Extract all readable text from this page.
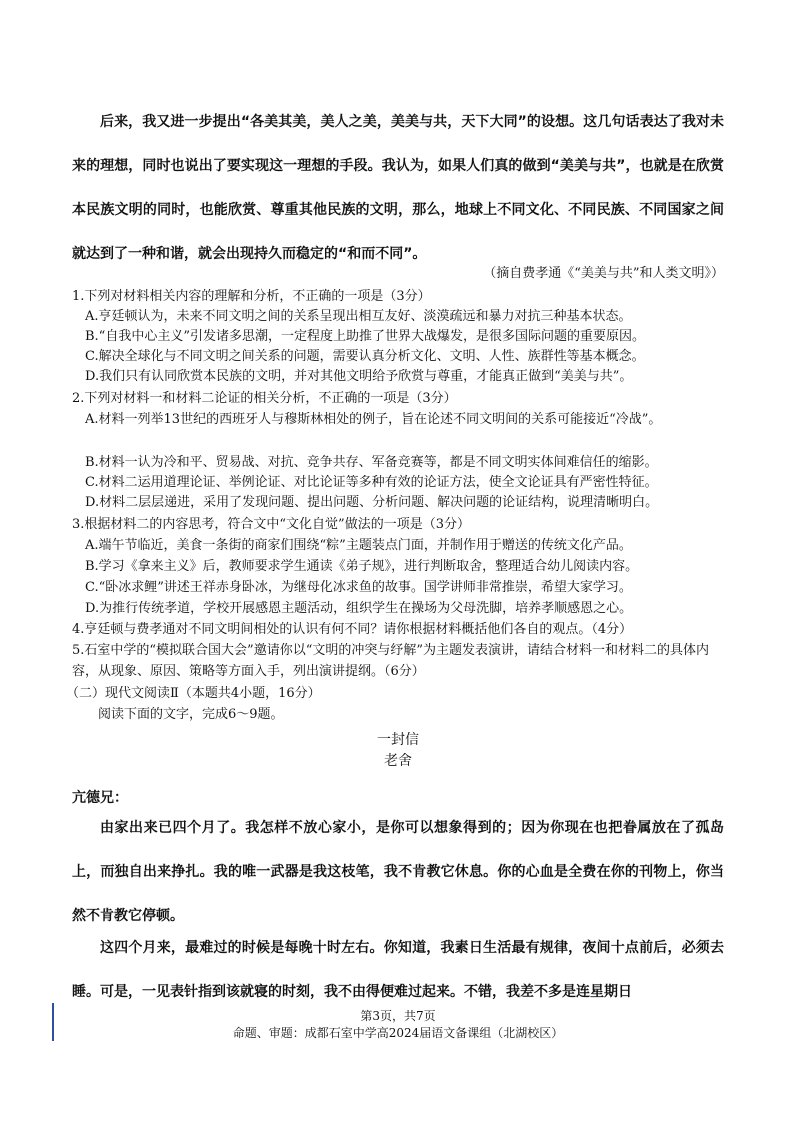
后来，我又进一步提出“各美其美，美人之美，美美与共，天下大同”的设想。这几句话表达了我对未来的理想，同时也说出了要实现这一理想的手段。我认为，如果人们真的做到“美美与共”，也就是在欣赏本民族文明的同时，也能欣赏、尊重其他民族的文明，那么，地球上不同文化、不同民族、不同国家之间就达到了一种和谐，就会出现持久而稳定的“和而不同”。
（摘自费孝通《“美美与共”和人类文明》）
1.下列对材料相关内容的理解和分析，不正确的一项是（3分）
A.亨廷顿认为，未来不同文明之间的关系呈现出相互友好、淡漠疏远和暴力对抗三种基本状态。
B.“自我中心主义”引发诸多思潮，一定程度上助推了世界大战爆发，是很多国际问题的重要原因。
C.解决全球化与不同文明之间关系的问题，需要认真分析文化、文明、人性、族群性等基本概念。
D.我们只有认同欣赏本民族的文明，并对其他文明给予欣赏与尊重，才能真正做到“美美与共”。
2.下列对材料一和材料二论证的相关分析，不正确的一项是（3分）
A.材料一列举13世纪的西班牙人与穆斯林相处的例子，旨在论述不同文明间的关系可能接近“冷战”。
B.材料一认为冷和平、贸易战、对抗、竞争共存、军备竞赛等，都是不同文明实体间难信任的缩影。
C.材料二运用道理论证、举例论证、对比论证等多种有效的论证方法，使全文论证具有严密性特征。
D.材料二层层递进，采用了发现问题、提出问题、分析问题、解决问题的论证结构，说理清晰明白。
3.根据材料二的内容思考，符合文中“文化自觉”做法的一项是（3分）
A.端午节临近，美食一条街的商家们围绕“粽”主题装点门面，并制作用于赠送的传统文化产品。
B.学习《拿来主义》后，教师要求学生通读《弟子规》，进行判断取舍，整理适合幼儿阅读内容。
C.“卧冰求鲤”讲述王祥赤身卧冰，为继母化冰求鱼的故事。国学讲师非常推崇，希望大家学习。
D.为推行传统孝道，学校开展感恩主题活动，组织学生在操场为父母洗脚，培养孝顺感恩之心。
4.亨廷顿与费孝通对不同文明间相处的认识有何不同？请你根据材料概括他们各自的观点。（4分）
5.石室中学的“模拟联合国大会”邀请你以“文明的冲突与纾解”为主题发表演讲，请结合材料一和材料二的具体内容，从现象、原因、策略等方面入手，列出演讲提纲。（6分）
（二）现代文阅读Ⅱ（本题共4小题，16分）
阅读下面的文字，完成6～9题。
一封信
老舍
亢德兄：
由家出来已四个月了。我怎样不放心家小，是你可以想象得到的；因为你现在也把眷属放在了孤岛上，而独自出来挣扎。我的唯一武器是我这枝笔，我不肯教它休息。你的心血是全费在你的刊物上，你当然不肯教它停顿。
这四个月来，最难过的时候是每晚十时左右。你知道，我素日生活最有规律，夜间十点前后，必须去睡。可是，一见表针指到该就寝的时刻，我不由得便难过起来。不错，我差不多是连星期日
第3页，共7页
命题、审题：成都石室中学高2024届语文备课组（北湖校区）
